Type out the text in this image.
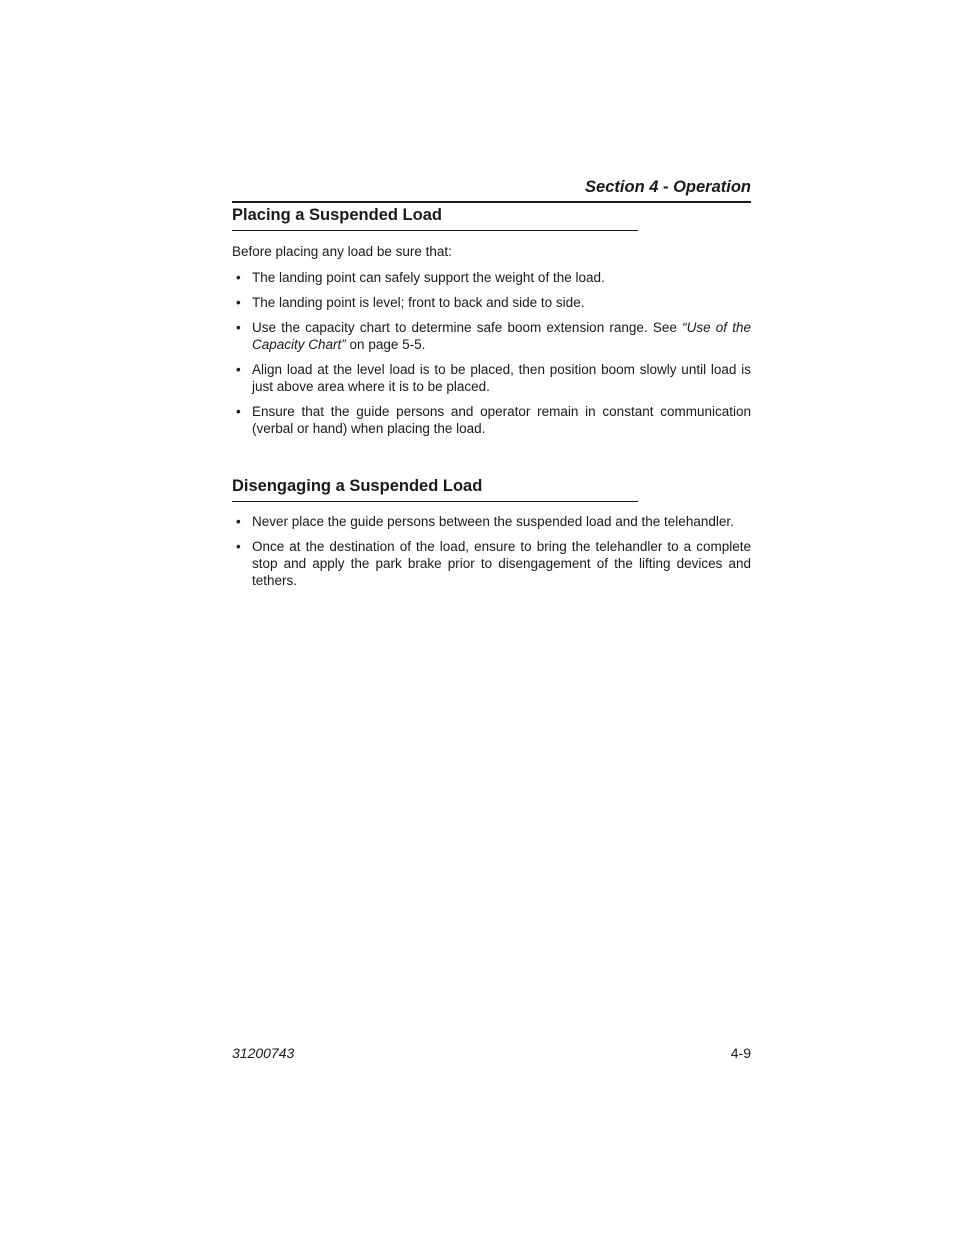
Section 4 - Operation
Placing a Suspended Load
Before placing any load be sure that:
• The landing point can safely support the weight of the load.
• The landing point is level; front to back and side to side.
• Use the capacity chart to determine safe boom extension range. See “Use of the Capacity Chart” on page 5-5.
• Align load at the level load is to be placed, then position boom slowly until load is just above area where it is to be placed.
• Ensure that the guide persons and operator remain in constant communication (verbal or hand) when placing the load.
Disengaging a Suspended Load
• Never place the guide persons between the suspended load and the telehandler.
• Once at the destination of the load, ensure to bring the telehandler to a complete stop and apply the park brake prior to disengagement of the lifting devices and tethers.
31200743	4-9
